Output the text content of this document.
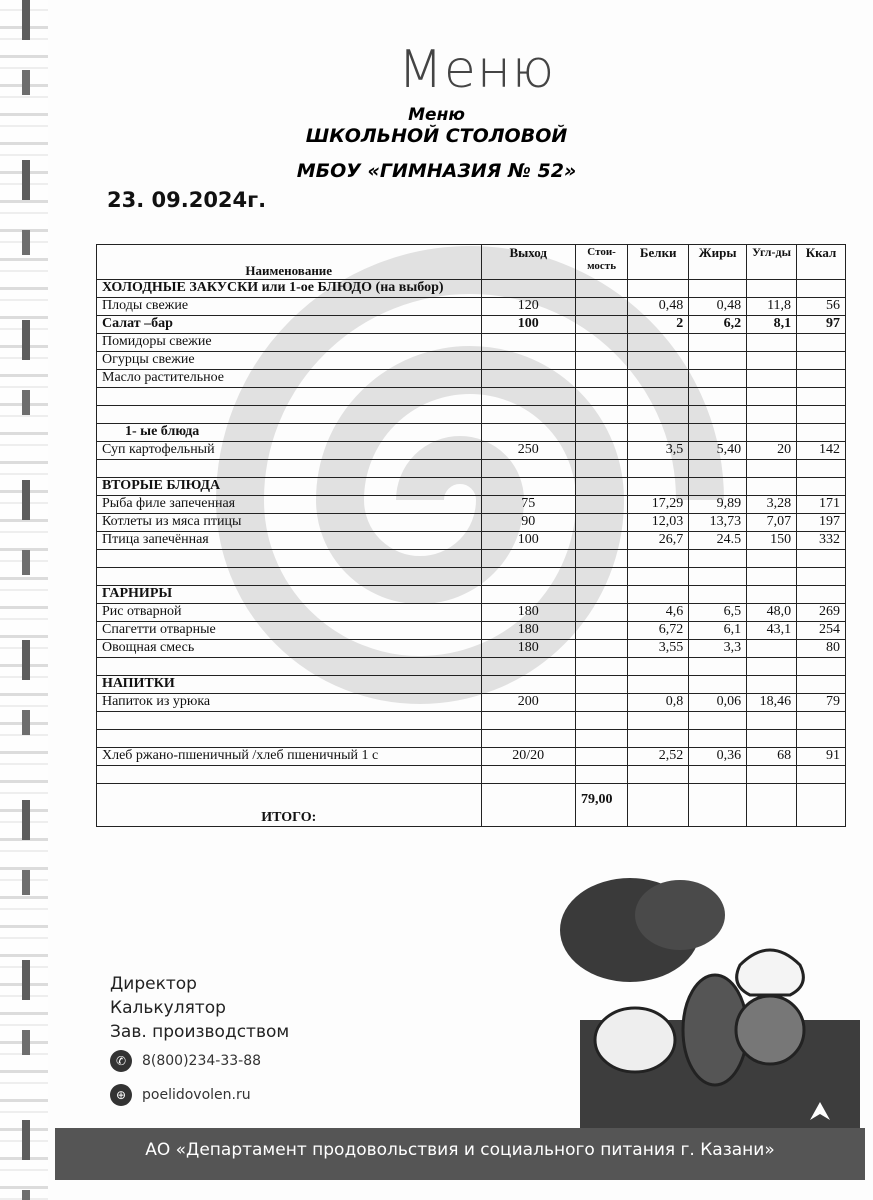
Меню
Меню
ШКОЛЬНОЙ СТОЛОВОЙ
МБОУ «ГИМНАЗИЯ № 52»
23. 09.2024г.
Наименование	Выход	Стои-мость	Белки	Жиры	Угл-ды	Ккал
ХОЛОДНЫЕ ЗАКУСКИ или 1-ое БЛЮДО (на выбор)						
Плоды свежие	120		0,48	0,48	11,8	56
Салат –бар	100		2	6,2	8,1	97
Помидоры свежие						
Огурцы свежие						
Масло растительное						

1- ые блюда						
Суп картофельный	250		3,5	5,40	20	142

ВТОРЫЕ БЛЮДА						
Рыба филе запеченная	75		17,29	9,89	3,28	171
Котлеты из мяса птицы	90		12,03	13,73	7,07	197
Птица запечённая	100		26,7	24.5	150	332

ГАРНИРЫ						
Рис отварной	180		4,6	6,5	48,0	269
Спагетти отварные	180		6,72	6,1	43,1	254
Овощная смесь	180		3,55	3,3		80

НАПИТКИ						
Напиток из урюка	200		0,8	0,06	18,46	79

Хлеб ржано-пшеничный /хлеб пшеничный 1 с	20/20		2,52	0,36	68	91

ИТОГО:		79,00				
Директор
Калькулятор
Зав. производством
✆	8(800)234-33-88
⊕	poelidovolen.ru
АО «Департамент продовольствия и социального питания г. Казани»
